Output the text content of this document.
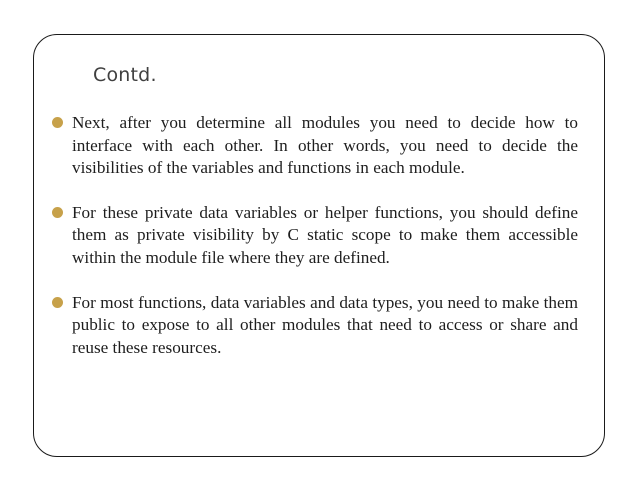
Contd.
Next, after you determine all modules you need to decide how to interface with each other. In other words, you need to decide the visibilities of the variables and functions in each module.
For these private data variables or helper functions, you should define them as private visibility by C static scope to make them accessible within the module file where they are defined.
For most functions, data variables and data types, you need to make them public to expose to all other modules that need to access or share and reuse these resources.
